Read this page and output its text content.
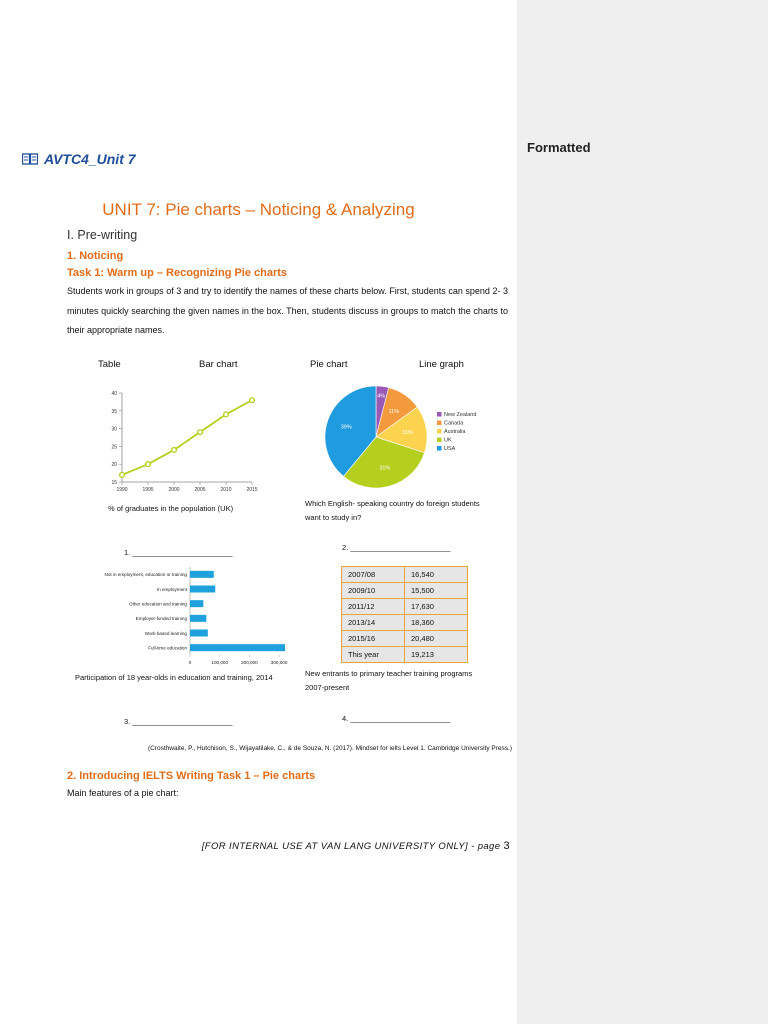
Formatted
AVTC4_Unit 7
UNIT 7: Pie charts – Noticing & Analyzing
I. Pre-writing
1. Noticing
Task 1: Warm up – Recognizing Pie charts
Students work in groups of 3 and try to identify the names of these charts below. First, students can spend 2- 3 minutes quickly searching the given names in the box. Then, students discuss in groups to match the charts to their appropriate names.
Table	Bar chart	Pie chart	Line graph
15
20
25
30
35
40
1990	1995	2000	2005	2010	2015
4%
New Zealand
11%
Canada
15%	Australia
31%
UK
39%
USA
% of graduates in the population (UK)
Which English- speaking country do foreign students want to study in?
1. ________________________
2. ________________________
Not in employment, education or training
In employment
Other education and training
Employer-funded training
Work-based learning
Full-time education
0	100,000	200,000	300,000
2007/08	16,540
2009/10	15,500
2011/12	17,630
2013/14	18,360
2015/16	20,480
This year	19,213
Participation of 18 year-olds in education and training, 2014	New entrants to primary teacher training programs 2007-present
3. ________________________	4. ________________________
(Crosthwaite, P., Hutchison, S., Wijayatilake, C., & de Souza, N. (2017). Mindset for ielts Level 1. Cambridge University Press.)
2. Introducing IELTS Writing Task 1 – Pie charts
Main features of a pie chart:
[FOR INTERNAL USE AT VAN LANG UNIVERSITY ONLY] - page 3
